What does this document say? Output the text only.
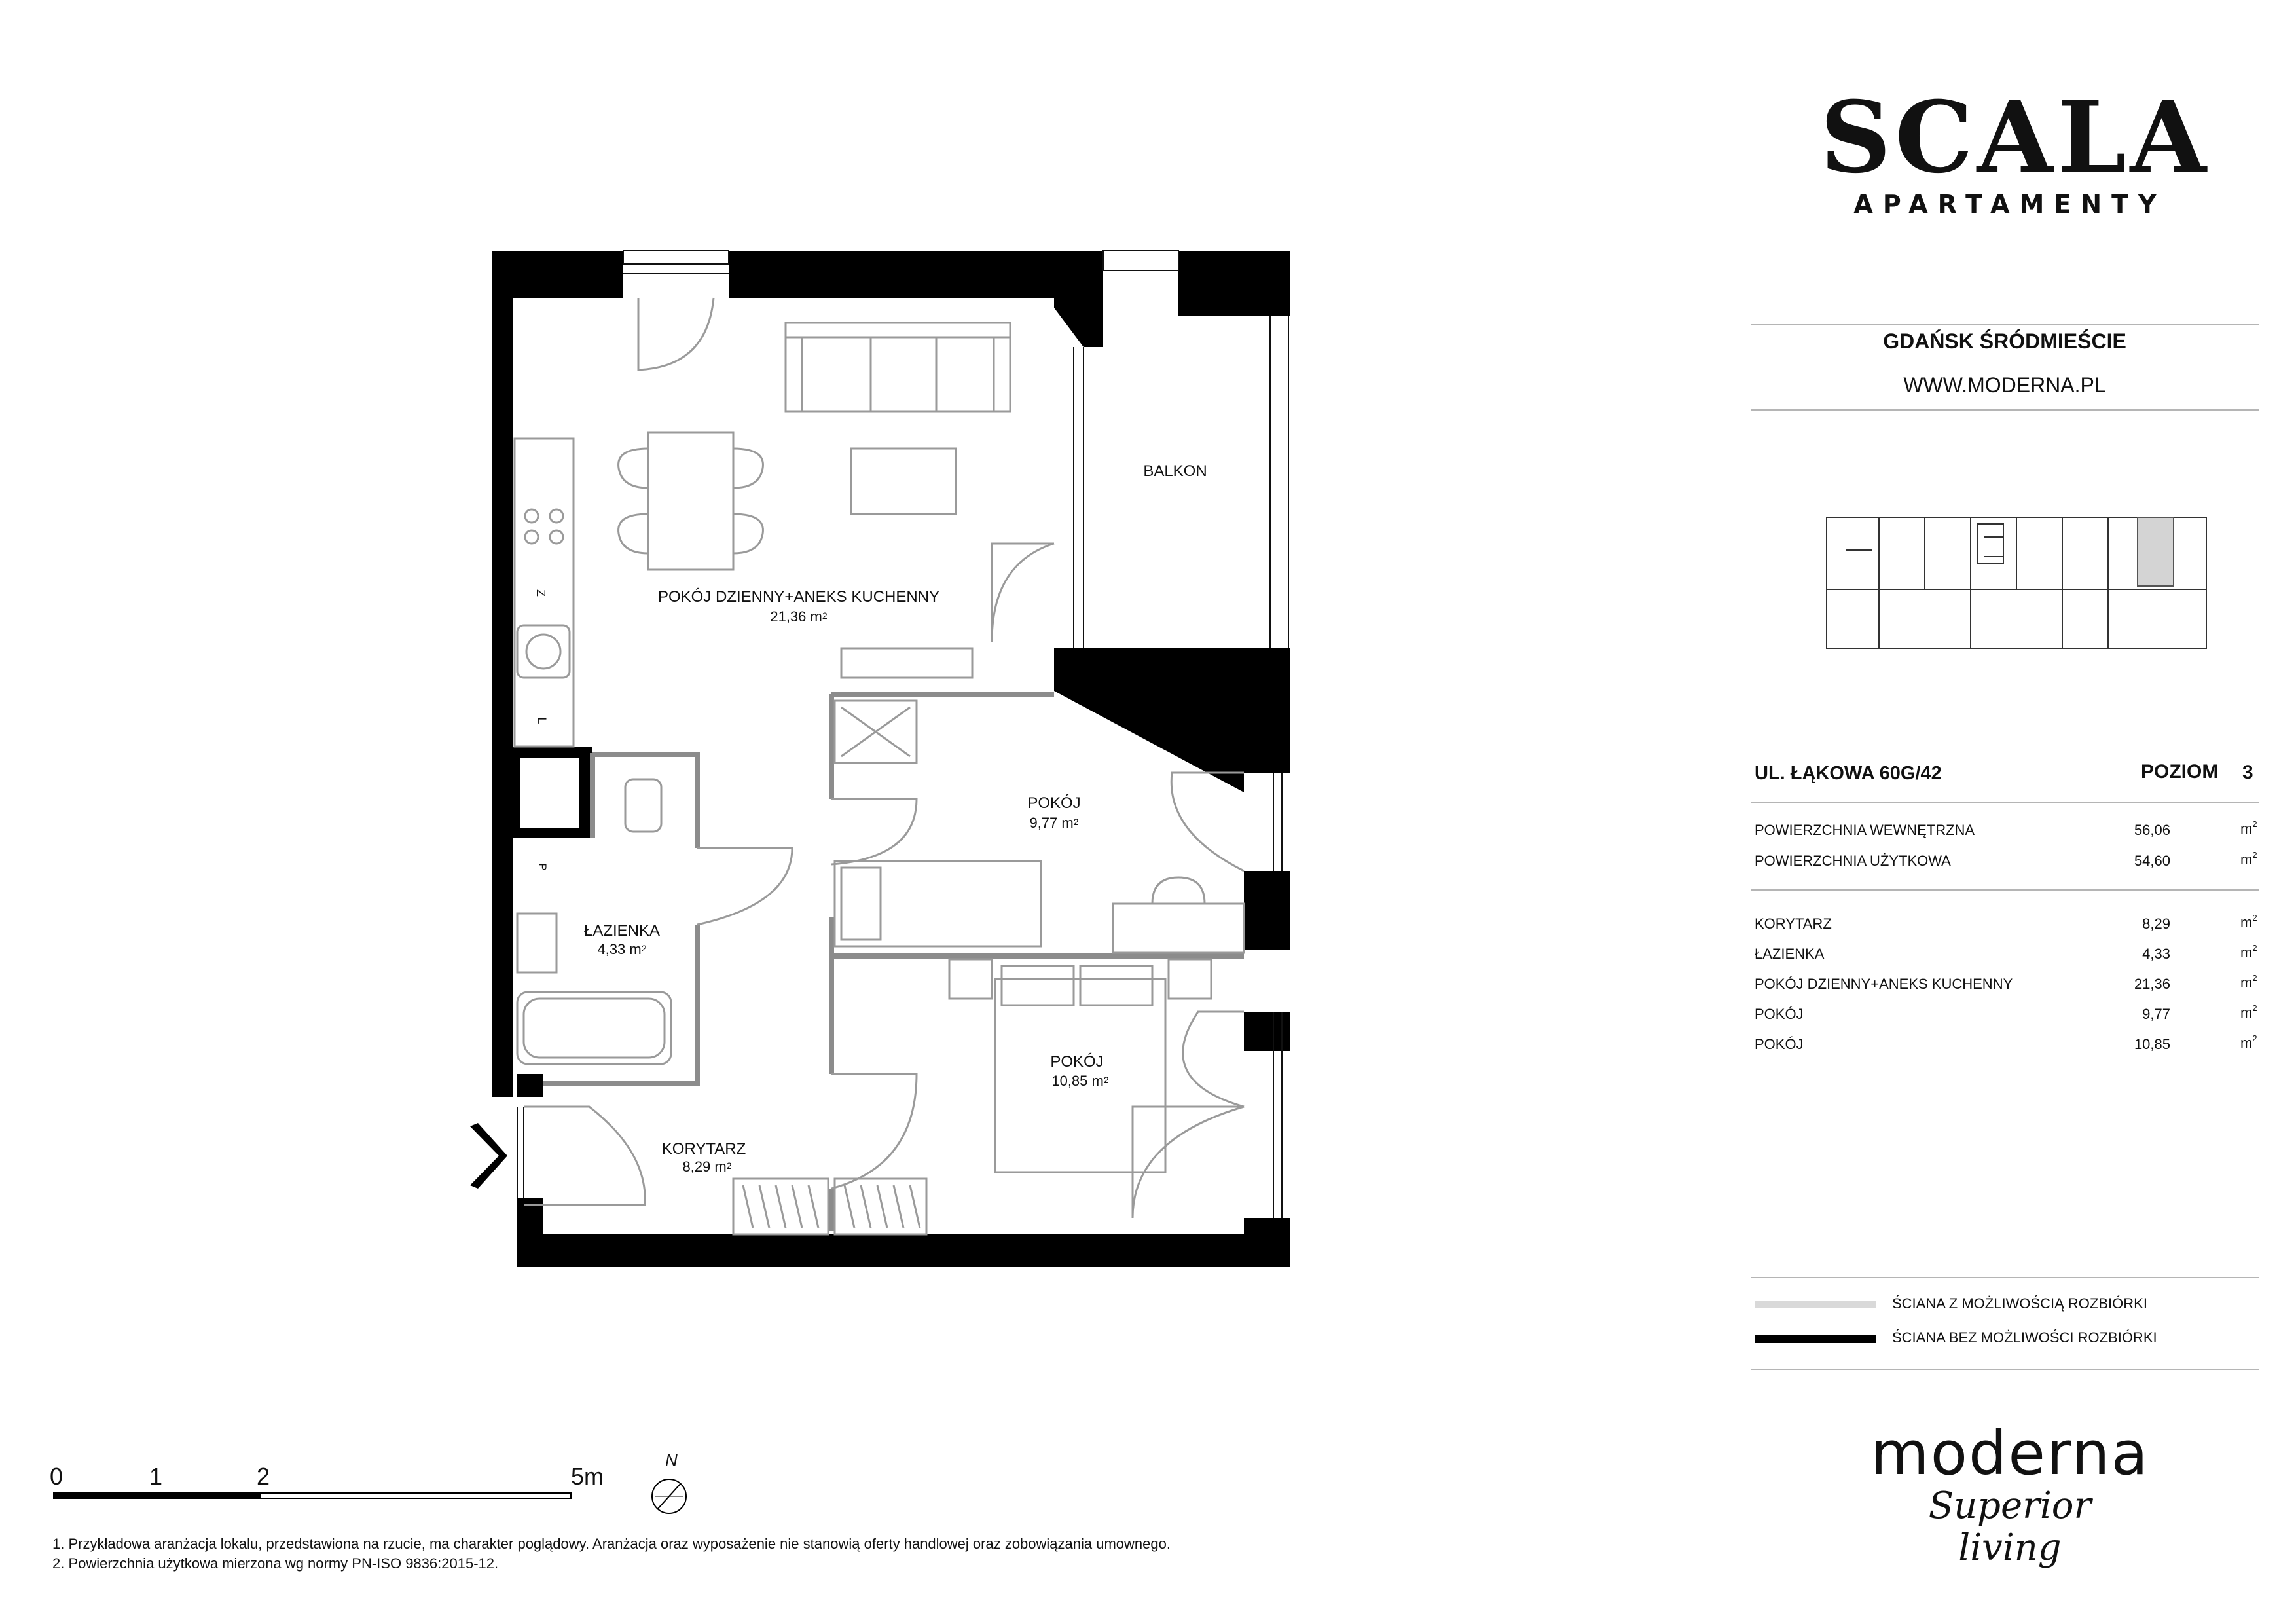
POKÓJ DZIENNY+ANEKS KUCHENNY
21,36 $m^2$
BALKON
POKÓJ
9,77 $m^2$
ŁAZIENKA
4,33 $m^2$
POKÓJ
10,85 $m^2$
KORYTARZ
8,29 $m^2$
Z
L
P
SCALA
APARTAMENTY
GDAŃSK ŚRÓDMIEŚCIE
WWW.MODERNA.PL
UL. ŁĄKOWA 60G/42	POZIOM 3
POWIERZCHNIA WEWNĘTRZNA	56,06	$m^2$
POWIERZCHNIA UŻYTKOWA	54,60	$m^2$
KORYTARZ	8,29	$m^2$
ŁAZIENKA	4,33	$m^2$
POKÓJ DZIENNY+ANEKS KUCHENNY	21,36	$m^2$
POKÓJ	9,77	$m^2$
POKÓJ	10,85	$m^2$
ŚCIANA Z MOŻLIWOŚCIĄ ROZBIÓRKI
ŚCIANA BEZ MOŻLIWOŚCI ROZBIÓRKI
moderna
Superior living
0	1	2	5m
N
1. Przykładowa aranżacja lokalu, przedstawiona na rzucie, ma charakter poglądowy. Aranżacja oraz wyposażenie nie stanowią oferty handlowej oraz zobowiązania umownego.
2. Powierzchnia użytkowa mierzona wg normy PN-ISO 9836:2015-12.
